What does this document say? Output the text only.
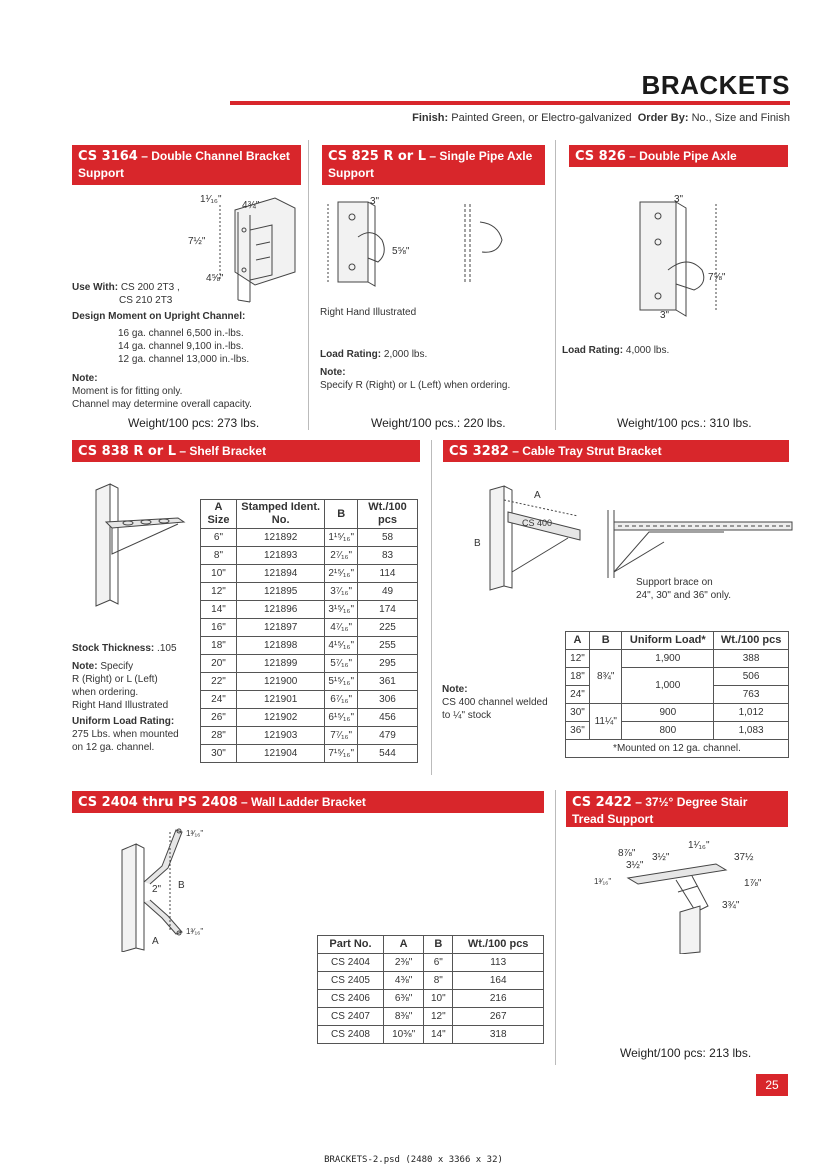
BRACKETS
Finish: Painted Green, or Electro-galvanized Order By: No., Size and Finish
CS 3164 – Double Channel Bracket Support
1¹⁄₁₆"
4¾"
7½"
4⅝"
Use With: CS 200 2T3 ,
CS 210 2T3
Design Moment on Upright Channel:
16 ga. channel 6,500 in.-lbs.
14 ga. channel 9,100 in.-lbs.
12 ga. channel 13,000 in.-lbs.
Note:
Moment is for fitting only.
Channel may determine overall capacity.
Weight/100 pcs: 273 lbs.
CS 825 R or L – Single Pipe Axle Support
3"
5⅝"
Right Hand Illustrated
Load Rating: 2,000 lbs.
Note:
Specify R (Right) or L (Left) when ordering.
Weight/100 pcs.: 220 lbs.
CS 826 – Double Pipe Axle Support
3"
7⅝"
3"
Load Rating: 4,000 lbs.
Weight/100 pcs.: 310 lbs.
CS 838 R or L – Shelf Bracket
A Size	Stamped Ident. No.	B	Wt./100 pcs
6"	121892	1¹⁵⁄₁₆"	58
8"	121893	2⁷⁄₁₆"	83
10"	121894	2¹⁵⁄₁₆"	114
12"	121895	3⁷⁄₁₆"	49
14"	121896	3¹⁵⁄₁₆"	174
16"	121897	4⁷⁄₁₆"	225
18"	121898	4¹⁵⁄₁₆"	255
20"	121899	5⁷⁄₁₆"	295
22"	121900	5¹⁵⁄₁₆"	361
24"	121901	6⁷⁄₁₆"	306
26"	121902	6¹⁵⁄₁₆"	456
28"	121903	7⁷⁄₁₆"	479
30"	121904	7¹⁵⁄₁₆"	544
Stock Thickness: .105
Note: Specify
R (Right) or L (Left)
when ordering.
Right Hand Illustrated
Uniform Load Rating:
275 Lbs. when mounted
on 12 ga. channel.
CS 3282 – Cable Tray Strut Bracket
A
B
CS 400
Support brace on
24", 30" and 36" only.
A	B	Uniform Load*	Wt./100 pcs
12"	8¾"	1,900	388
18"		1,000	506
24"			763
30"	11¼"	900	1,012
36"		800	1,083
*Mounted on 12 ga. channel.			
Note:
CS 400 channel welded
to ¼" stock
CS 2404 thru PS 2408 – Wall Ladder Bracket
1³⁄₁₆"
2" B
A
1³⁄₁₆"
Part No.	A	B	Wt./100 pcs
CS 2404	2⅜"	6"	113
CS 2405	4⅜"	8"	164
CS 2406	6⅜"	10"	216
CS 2407	8⅜"	12"	267
CS 2408	10⅜"	14"	318
CS 2422 – 37½° Degree Stair Tread Support
1¹⁄₁₆"
8⅞" 3½"	37½
3½"
1³⁄₁₆"	1⅞"
3¾"
Weight/100 pcs: 213 lbs.
25
BRACKETS-2.psd (2480 x 3366 x 32)
